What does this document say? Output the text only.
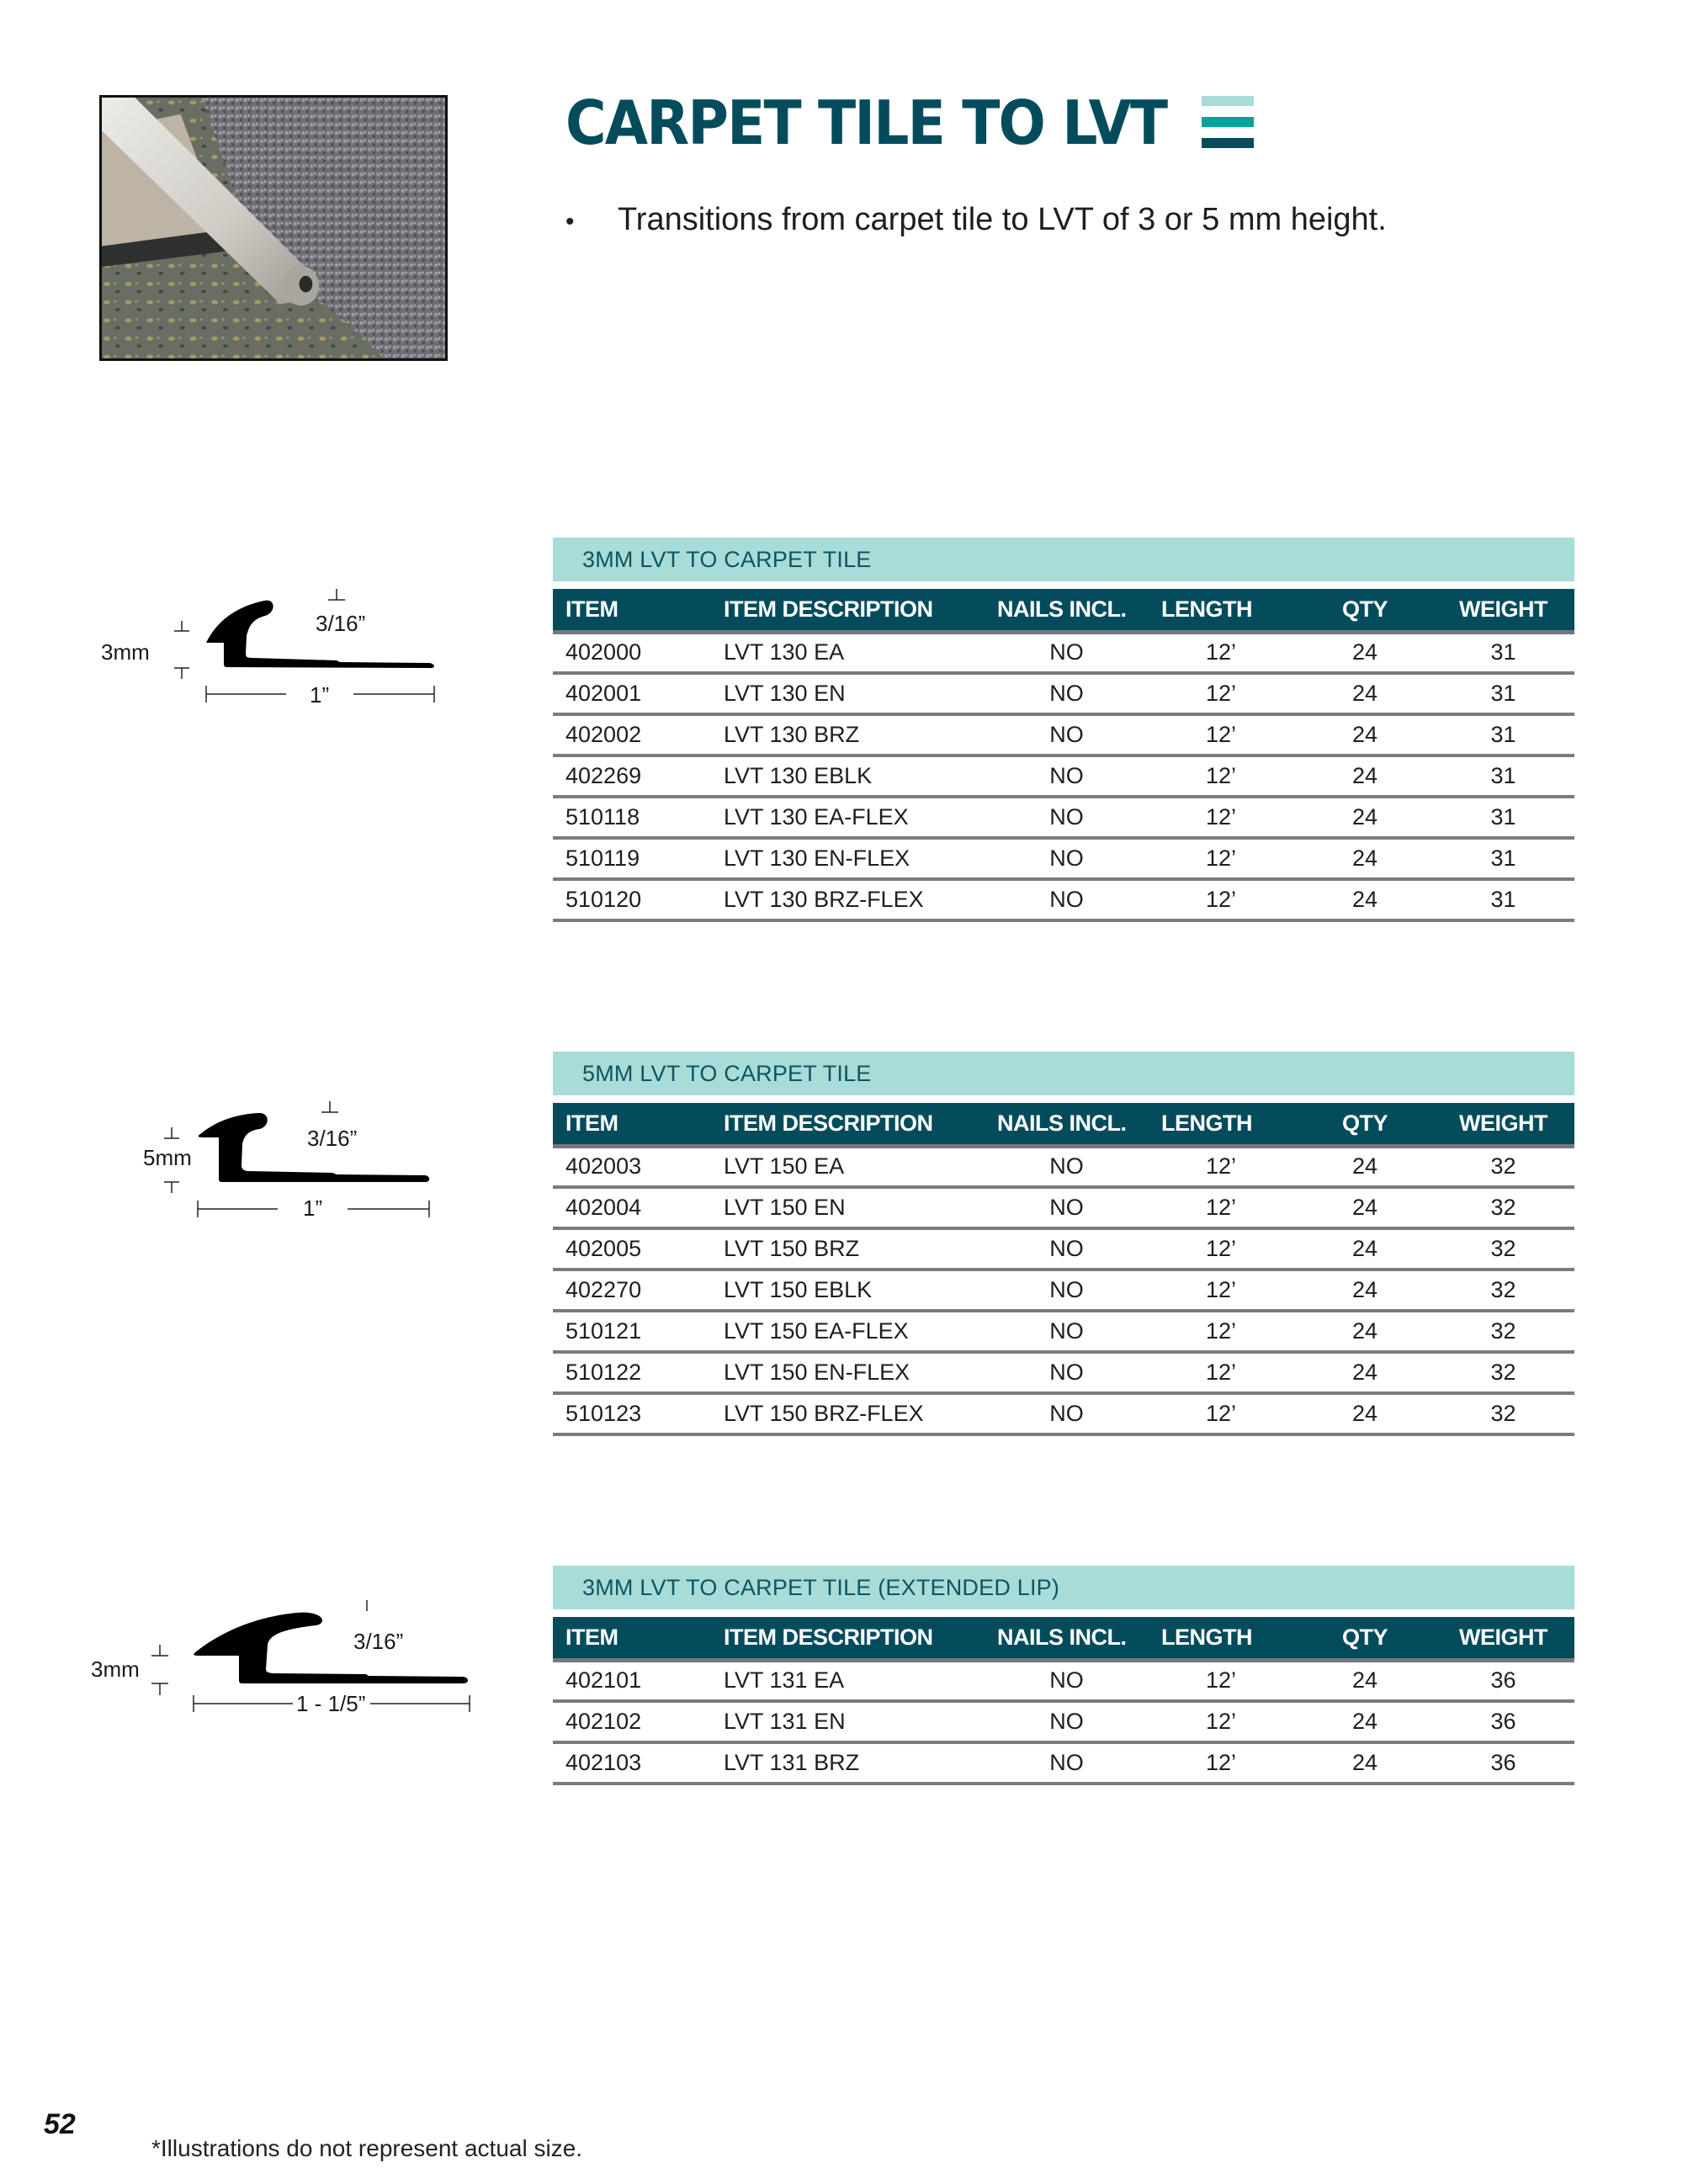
CARPET TILE TO LVT
•	Transitions from carpet tile to LVT of 3 or 5 mm height.
3mm
3/16”
1”
5mm
3/16”
1”
3mm
3/16”
1 - 1/5”
3MM LVT TO CARPET TILE
ITEM	ITEM DESCRIPTION	NAILS INCL.	LENGTH	QTY	WEIGHT
402000	LVT 130 EA	NO	12’	24	31
402001	LVT 130 EN	NO	12’	24	31
402002	LVT 130 BRZ	NO	12’	24	31
402269	LVT 130 EBLK	NO	12’	24	31
510118	LVT 130 EA-FLEX	NO	12’	24	31
510119	LVT 130 EN-FLEX	NO	12’	24	31
510120	LVT 130 BRZ-FLEX	NO	12’	24	31
5MM LVT TO CARPET TILE
ITEM	ITEM DESCRIPTION	NAILS INCL.	LENGTH	QTY	WEIGHT
402003	LVT 150 EA	NO	12’	24	32
402004	LVT 150 EN	NO	12’	24	32
402005	LVT 150 BRZ	NO	12’	24	32
402270	LVT 150 EBLK	NO	12’	24	32
510121	LVT 150 EA-FLEX	NO	12’	24	32
510122	LVT 150 EN-FLEX	NO	12’	24	32
510123	LVT 150 BRZ-FLEX	NO	12’	24	32
3MM LVT TO CARPET TILE (EXTENDED LIP)
ITEM	ITEM DESCRIPTION	NAILS INCL.	LENGTH	QTY	WEIGHT
402101	LVT 131 EA	NO	12’	24	36
402102	LVT 131 EN	NO	12’	24	36
402103	LVT 131 BRZ	NO	12’	24	36
52
*Illustrations do not represent actual size.
